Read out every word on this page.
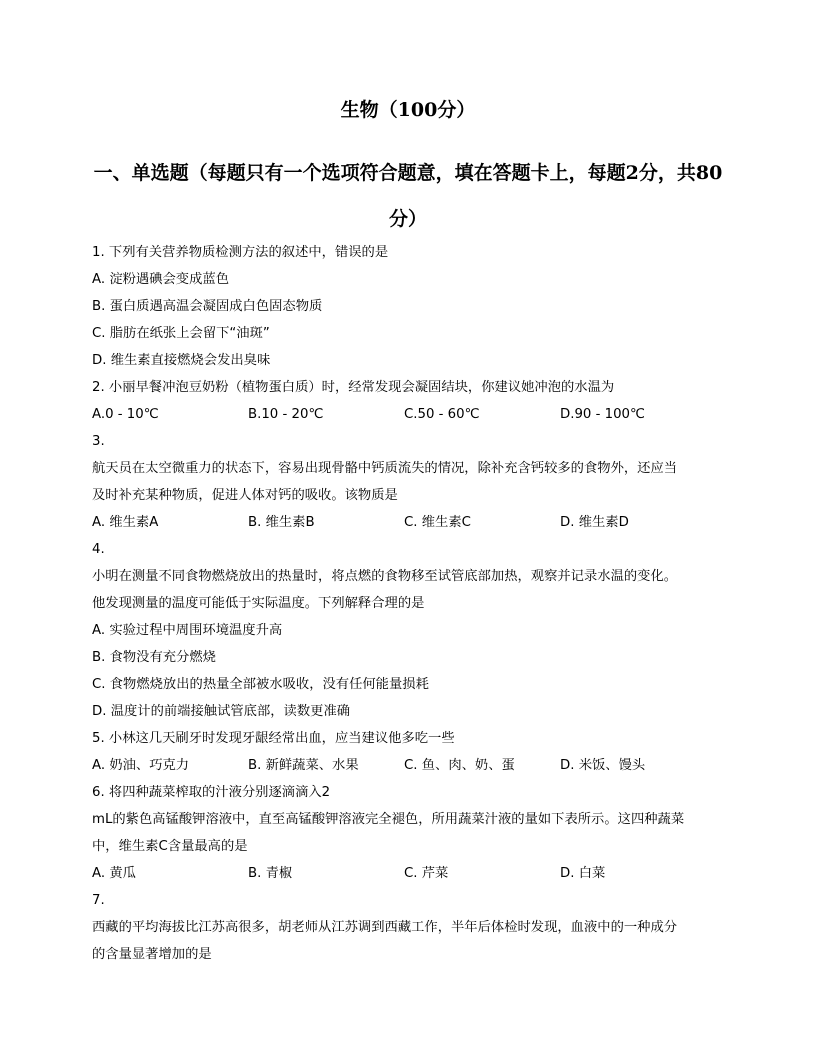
生物（100分）
一、单选题（每题只有一个选项符合题意，填在答题卡上，每题2分，共80分）
1. 下列有关营养物质检测方法的叙述中，错误的是
A. 淀粉遇碘会变成蓝色
B. 蛋白质遇高温会凝固成白色固态物质
C. 脂肪在纸张上会留下“油斑”
D. 维生素直接燃烧会发出臭味
2. 小丽早餐冲泡豆奶粉（植物蛋白质）时，经常发现会凝固结块，你建议她冲泡的水温为
A.0 - 10℃	B.10 - 20℃	C.50 - 60℃	D.90 - 100℃
3.
航天员在太空微重力的状态下，容易出现骨骼中钙质流失的情况，除补充含钙较多的食物外，还应当
及时补充某种物质，促进人体对钙的吸收。该物质是
A. 维生素A	B. 维生素B	C. 维生素C	D. 维生素D
4.
小明在测量不同食物燃烧放出的热量时，将点燃的食物移至试管底部加热，观察并记录水温的变化。
他发现测量的温度可能低于实际温度。下列解释合理的是
A. 实验过程中周围环境温度升高
B. 食物没有充分燃烧
C. 食物燃烧放出的热量全部被水吸收，没有任何能量损耗
D. 温度计的前端接触试管底部，读数更准确
5. 小林这几天刷牙时发现牙龈经常出血，应当建议他多吃一些
A. 奶油、巧克力	B. 新鲜蔬菜、水果	C. 鱼、肉、奶、蛋	D. 米饭、馒头
6. 将四种蔬菜榨取的汁液分别逐滴滴入2
mL的紫色高锰酸钾溶液中，直至高锰酸钾溶液完全褪色，所用蔬菜汁液的量如下表所示。这四种蔬菜
中，维生素C含量最高的是
A. 黄瓜	B. 青椒	C. 芹菜	D. 白菜
7.
西藏的平均海拔比江苏高很多，胡老师从江苏调到西藏工作，半年后体检时发现，血液中的一种成分
的含量显著增加的是
